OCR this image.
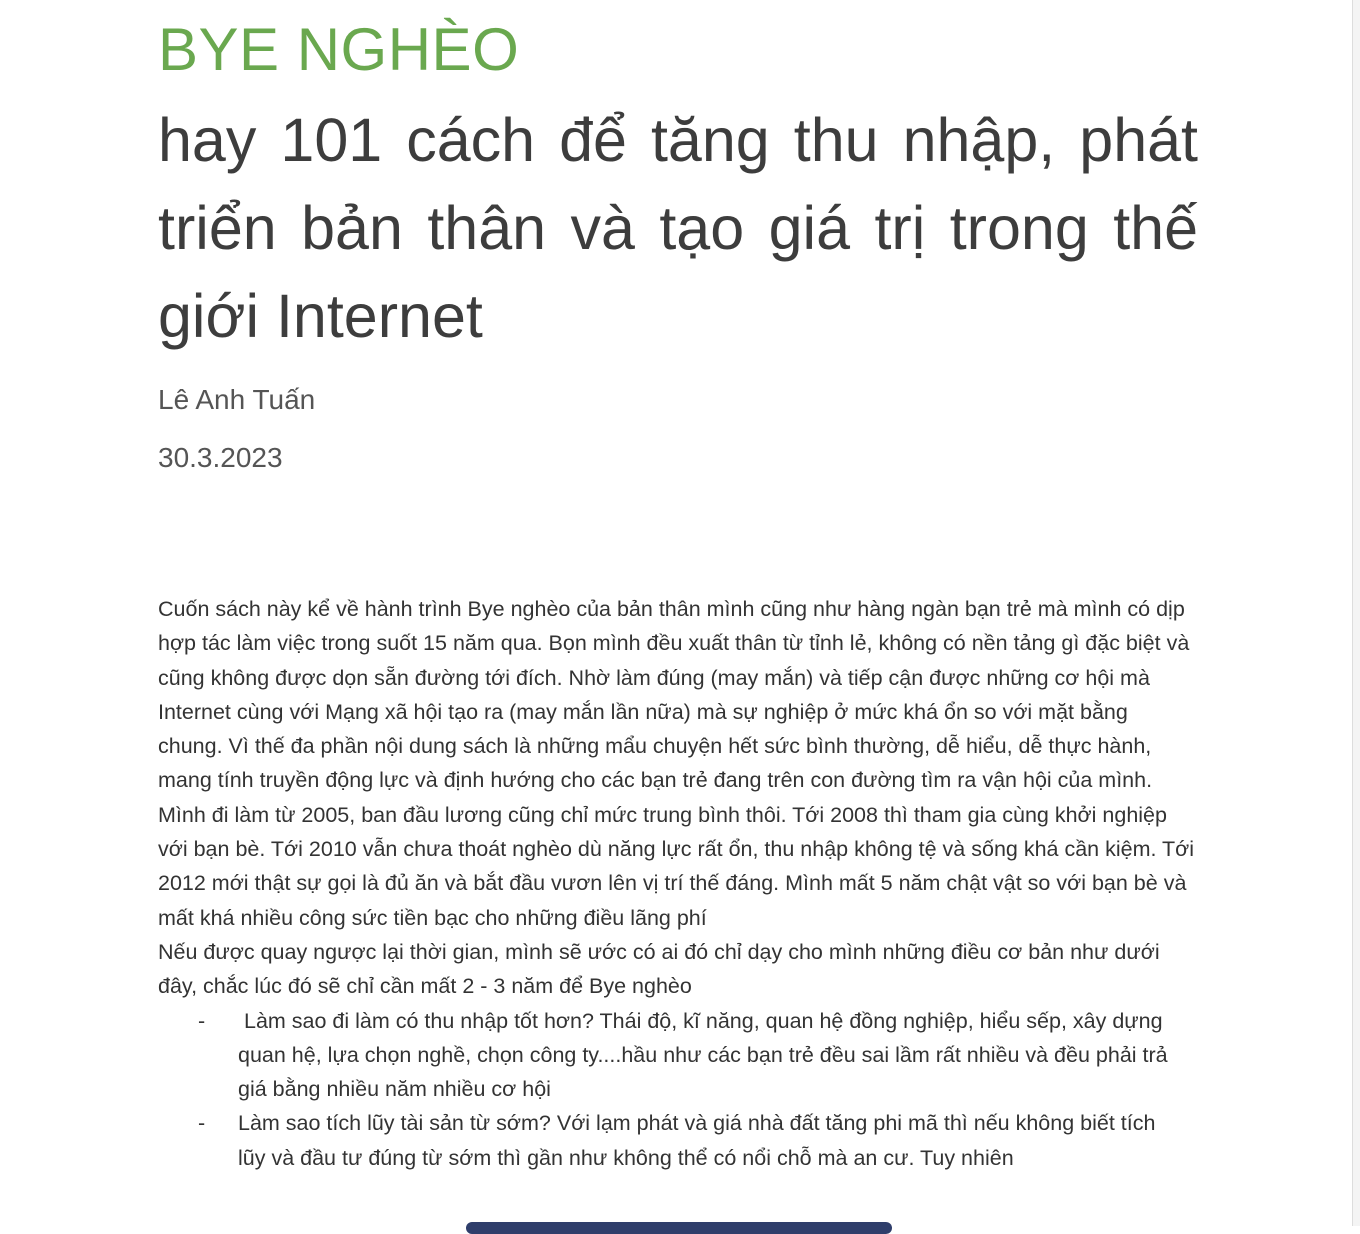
BYE NGHÈO
hay 101 cách để tăng thu nhập, phát triển bản thân và tạo giá trị trong thế giới Internet
Lê Anh Tuấn
30.3.2023

Cuốn sách này kể về hành trình Bye nghèo của bản thân mình cũng như hàng ngàn bạn trẻ mà mình có dịp hợp tác làm việc trong suốt 15 năm qua. Bọn mình đều xuất thân từ tỉnh lẻ, không có nền tảng gì đặc biệt và cũng không được dọn sẵn đường tới đích. Nhờ làm đúng (may mắn) và tiếp cận được những cơ hội mà Internet cùng với Mạng xã hội tạo ra (may mắn lần nữa) mà sự nghiệp ở mức khá ổn so với mặt bằng chung. Vì thế đa phần nội dung sách là những mẩu chuyện hết sức bình thường, dễ hiểu, dễ thực hành, mang tính truyền động lực và định hướng cho các bạn trẻ đang trên con đường tìm ra vận hội của mình.

Mình đi làm từ 2005, ban đầu lương cũng chỉ mức trung bình thôi. Tới 2008 thì tham gia cùng khởi nghiệp với bạn bè. Tới 2010 vẫn chưa thoát nghèo dù năng lực rất ổn, thu nhập không tệ và sống khá cần kiệm. Tới 2012 mới thật sự gọi là đủ ăn và bắt đầu vươn lên vị trí thế đáng. Mình mất 5 năm chật vật so với bạn bè và mất khá nhiều công sức tiền bạc cho những điều lãng phí

Nếu được quay ngược lại thời gian, mình sẽ ước có ai đó chỉ dạy cho mình những điều cơ bản như dưới đây, chắc lúc đó sẽ chỉ cần mất 2 - 3 năm để Bye nghèo

- Làm sao đi làm có thu nhập tốt hơn? Thái độ, kĩ năng, quan hệ đồng nghiệp, hiểu sếp, xây dựng quan hệ, lựa chọn nghề, chọn công ty....hầu như các bạn trẻ đều sai lầm rất nhiều và đều phải trả giá bằng nhiều năm nhiều cơ hội
- Làm sao tích lũy tài sản từ sớm? Với lạm phát và giá nhà đất tăng phi mã thì nếu không biết tích lũy và đầu tư đúng từ sớm thì gần như không thể có nổi chỗ mà an cư. Tuy nhiên
